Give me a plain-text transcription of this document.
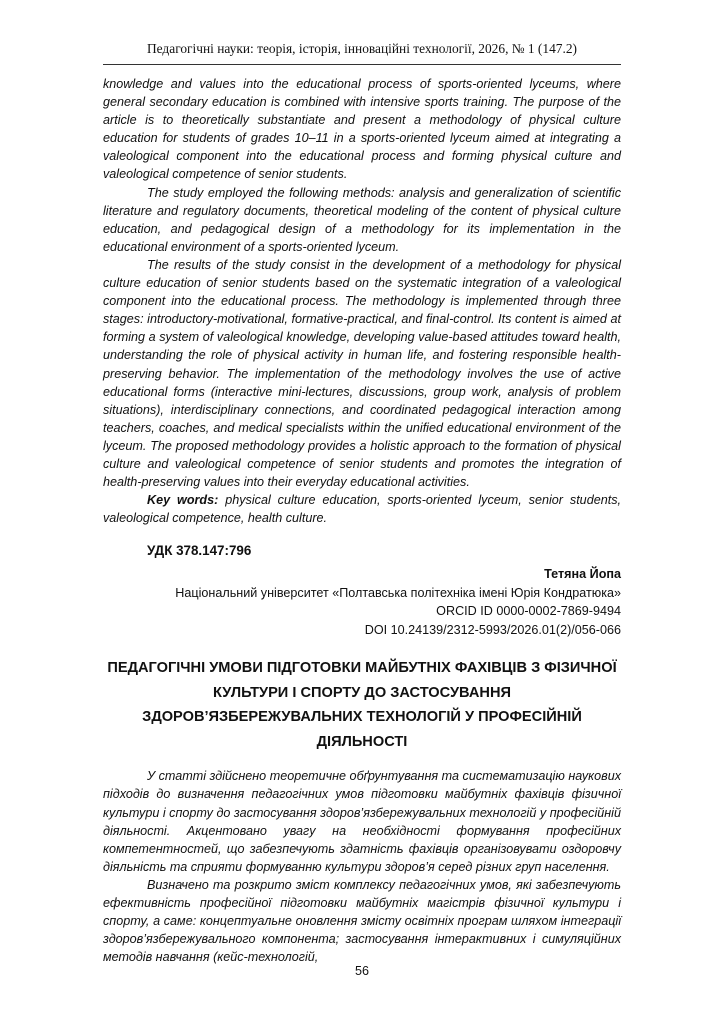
Педагогічні науки: теорія, історія, інноваційні технології, 2026, № 1 (147.2)

knowledge and values into the educational process of sports-oriented lyceums, where general secondary education is combined with intensive sports training. The purpose of the article is to theoretically substantiate and present a methodology of physical culture education for students of grades 10–11 in a sports-oriented lyceum aimed at integrating a valeological component into the educational process and forming physical culture and valeological competence of senior students.

The study employed the following methods: analysis and generalization of scientific literature and regulatory documents, theoretical modeling of the content of physical culture education, and pedagogical design of a methodology for its implementation in the educational environment of a sports-oriented lyceum.

The results of the study consist in the development of a methodology for physical culture education of senior students based on the systematic integration of a valeological component into the educational process. The methodology is implemented through three stages: introductory-motivational, formative-practical, and final-control. Its content is aimed at forming a system of valeological knowledge, developing value-based attitudes toward health, understanding the role of physical activity in human life, and fostering responsible health-preserving behavior. The implementation of the methodology involves the use of active educational forms (interactive mini-lectures, discussions, group work, analysis of problem situations), interdisciplinary connections, and coordinated pedagogical interaction among teachers, coaches, and medical specialists within the unified educational environment of the lyceum. The proposed methodology provides a holistic approach to the formation of physical culture and valeological competence of senior students and promotes the integration of health-preserving values into their everyday educational activities.

Key words: physical culture education, sports-oriented lyceum, senior students, valeological competence, health culture.

УДК 378.147:796
Тетяна Йопа
Національний університет «Полтавська політехніка імені Юрія Кондратюка»
ORCID ID 0000-0002-7869-9494
DOI 10.24139/2312-5993/2026.01(2)/056-066
ПЕДАГОГІЧНІ УМОВИ ПІДГОТОВКИ МАЙБУТНІХ ФАХІВЦІВ З ФІЗИЧНОЇ КУЛЬТУРИ І СПОРТУ ДО ЗАСТОСУВАННЯ ЗДОРОВ’ЯЗБЕРЕЖУВАЛЬНИХ ТЕХНОЛОГІЙ У ПРОФЕСІЙНІЙ ДІЯЛЬНОСТІ

У статті здійснено теоретичне обґрунтування та систематизацію наукових підходів до визначення педагогічних умов підготовки майбутніх фахівців фізичної культури і спорту до застосування здоров’язбережувальних технологій у професійній діяльності. Акцентовано увагу на необхідності формування професійних компетентностей, що забезпечують здатність фахівців організовувати оздоровчу діяльність та сприяти формуванню культури здоров’я серед різних груп населення.

Визначено та розкрито зміст комплексу педагогічних умов, які забезпечують ефективність професійної підготовки майбутніх магістрів фізичної культури і спорту, а саме: концептуальне оновлення змісту освітніх програм шляхом інтеграції здоров’язбережувального компонента; застосування інтерактивних і симуляційних методів навчання (кейс-технологій,

56
